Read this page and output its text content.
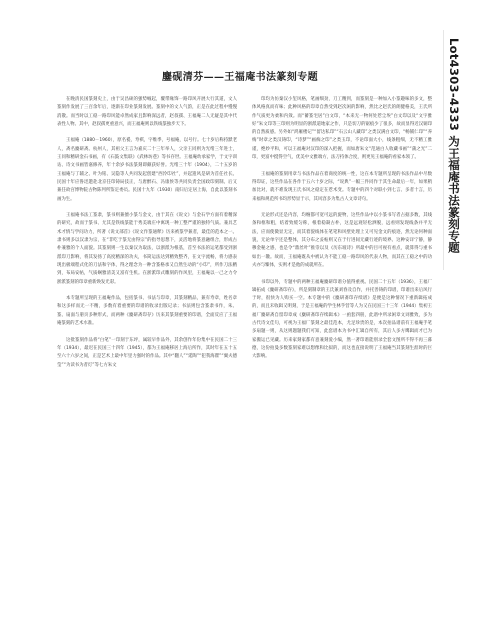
鏖砚清芬——王福庵书法篆刻专题

在晚清民国篆刻史上，由于吴昌硕的强势崛起，覆带缘饰一路印风开展大行其道，文人篆刻作发展了三百余年后，逐渐在印业篆刻发展。篆刻中的文人气韵，正是在此过程中慢慢消散。而当时以工稳一路印风能卓然成家且影响深远者，赵叔孺、王福庵二人无疑是其中代表性人物。其中，赵叔孺更重意兴，而王福庵则以铁线篆独步天下。

王福庵（1880－1960），原名禔，寿祺，字维季，号福庵，以号行。七十岁后称持默老人，斋名麋研斋。杭州人，其祖父王言为嘉庆二十三年举人，父亲王同则为光绪三年进士，王同和精研金石书画，有《石鼓文集联》《武林坊巷》等书存世。王福庵幼承家学，于文字训诂、诗文书画皆嘉修养，年十余岁书法篆刻即颇获好誉。光绪三十年（1904），二十五岁的王福庵与丁辅之、叶为铭、吴隐等人共同发起创建“西泠印社”，并起遗风是研为首任社长。民国十年应鲁迅邀赴北京任印铸局技正，与唐醉石、冯康侯等共同负责全国政印刻制。后又兼任故宫博物院古物陈列所鉴定委员。民国十九年（1930）南归后定居上海，自此以篆刻书画为生。

王福庵书法工篆隶，篆书则兼擅小篆与金文，由于其在《说文》与金石学方面有着精深的研究，故而于篆书、尤其是铁线篆能于秀美端庄中寓现一种工整严谨的独特气质。兼具艺术才情与学问功力，所著《说文部首》《说文作篆通释》历来被篆学兼者，最佳的范本之一。隶书则多以汉隶为宗，在“非吃于篆无由得宗”的指导思想下，灵活地将篆意融组合，形成古朴兼雅的个人面貌。其篆刻则一生以秦汉为取法，以浙派为根基，首至书法的运笔都受到浙派印刀影响，将其发扬了高度精深的功夫，书简运法达到精致整齐，在文字流畅，将力感表现出极端程式化的刀法和字体，得之理念为一种含篆格承又自然生动的“小印”，所作刀法精到，布局安帖，气质娴雅清美又富有生机。在浙派印式雕刻的作风里，王福庵以一己之力令浙派篆刻的印章重新焕发光彩。

本专题所呈现的王福庵作品，包括篆书、书法与印章，其篆刻精品，兼有寿章，姓名章和这多样而无一不精，多数有着重要的印谱的收录出版记录；书法则包含篆隶书作，朱、篆、扇面与册页多种形式，而两种《麋研斋印存》历来其篆刻重要的印谱，全面反应了王福庵篆刻的艺术水准。

这批篆刻作品将“白笔”一印刻于东坪，属较早作品外，其余创作年份集中在民国二十三年（1934），最迟在民国三十四年（1945），都为王福庵移居上海后所作，其时年在五十五至六十六岁之间，正是艺术上最中年里力强时的作品。其中“翻人”“延陶”“犯我海瞿”“翼夫德莹”“为读书为者灯”等七方朱文

印均为仿秦汉小玺风格，笔画细劲，刀工精到，而篆刻是一种加入小篆趣味的多文，整体风格真而有味；此种风格的印章自然受到赵次闲的影响，然比之赵氏的朗健格美，王氏所作气质更为柔和内敛。而“蓄篆宅居”白文印，“本来无一物何处惹尘埃”白文印以及“文字雅好”朱文印等三印则为明显的浙派道地家之作，只是切刀的锯痕少了很多，故而显得近汉铜印的自然质感。另外如“鸿雁楼记”“留达私印”“石云山人藏印”之类汉满白文印，“畅铺仁印”“养梅”时章之类汉铸印，“诗梦”“画痴之印”之类玉印，不论印面大小，线条粗细，无不精工雅谨，绝妙平和，可以王福庵对汉印的深入把握，而如唐朱文“范通白人收藏书画”“蒲之光”二印，更富中挺得空气，优美中文雅端方，法刀持体合度，则更见王福庵的看家本领了。

王福庵的篆刻用章与书法作品在着商度的统一性，这在本专题所呈现的书法作品中尽数得印证，这些作品在各作于五六十岁之际，“说典”一幅三件同作于其生命最后一年，如果稍加比对，就不难发现王氏书风之稳定在惹术变。专题中的四个对联小到七言、多者十言，历来福和规范所书均形势显于示，其风容多为集古人文章诗句。

无论形式还是内容，均缠都可宽可远的旋物，这些作品中以小篆书写者占据多数，其线条和框和粗，结着致缓匀称，根着稳凝古朴，这是远观轻松洒脱，远看则发现线条并平无法，应而使微显无定，而其着貌线体在笔笔和风壁处理上又可见金文的痕迹，然无论何种面貌，无论单字还是整体，其分布之妥帖则又在于行进间无藏行迹的境界。这种安详宁静，静穆金秘之感，也是令“鼎丝叶”推崇以及《历东坡诗》所最中的目可视有看点，就算得与重书如出一辙。故而，王福庵既从中被认为不能工稳一路印风的代表人物，而其在工稳之中的功夫亦与臻体，实则才是他的成就所在。

书印以外，专题中的两种王福庵麋研印谱分值得重视。民国二十五年（1936），王福厂辑拓成《麋研斋印存》，所是刻制章的王氏兼刘春及自作，并托善铸的印谱，印谱出来后风行于时，很快为人购买一空。本专题中的《麋研斋印存续谱》是便是这种情况下重新辑拓成的，而且未收辑又明刻，于是王福庵的学生林乎营等人为又在民国三十三年（1944）集初王福厂麋研斋自留印章成《麋研斋印存续辑本》一函套四册，此谱中所录闲章文词雅致，多为古代诗文佳句，可视为王福厂篆刻之最佳范本，尤足珍贵的是，本次拍品谱前有王福庵手笔多扇题一则，从这则题题我们可知，此套谱本为书中汇辑自所有，其后人多方鹰辑而才已为家搬运已见藏。历来家刻家都有意兼刻爱小编，然一著印谱能别录全套文图所不得不再三暮德，这份拍曼多数篆刻家难以想像和比拟的，而这也直接说明了王福庵当其篆刻生涯时的巨大影响。

Lot4303-4333 为王福庵书法篆刻专题
